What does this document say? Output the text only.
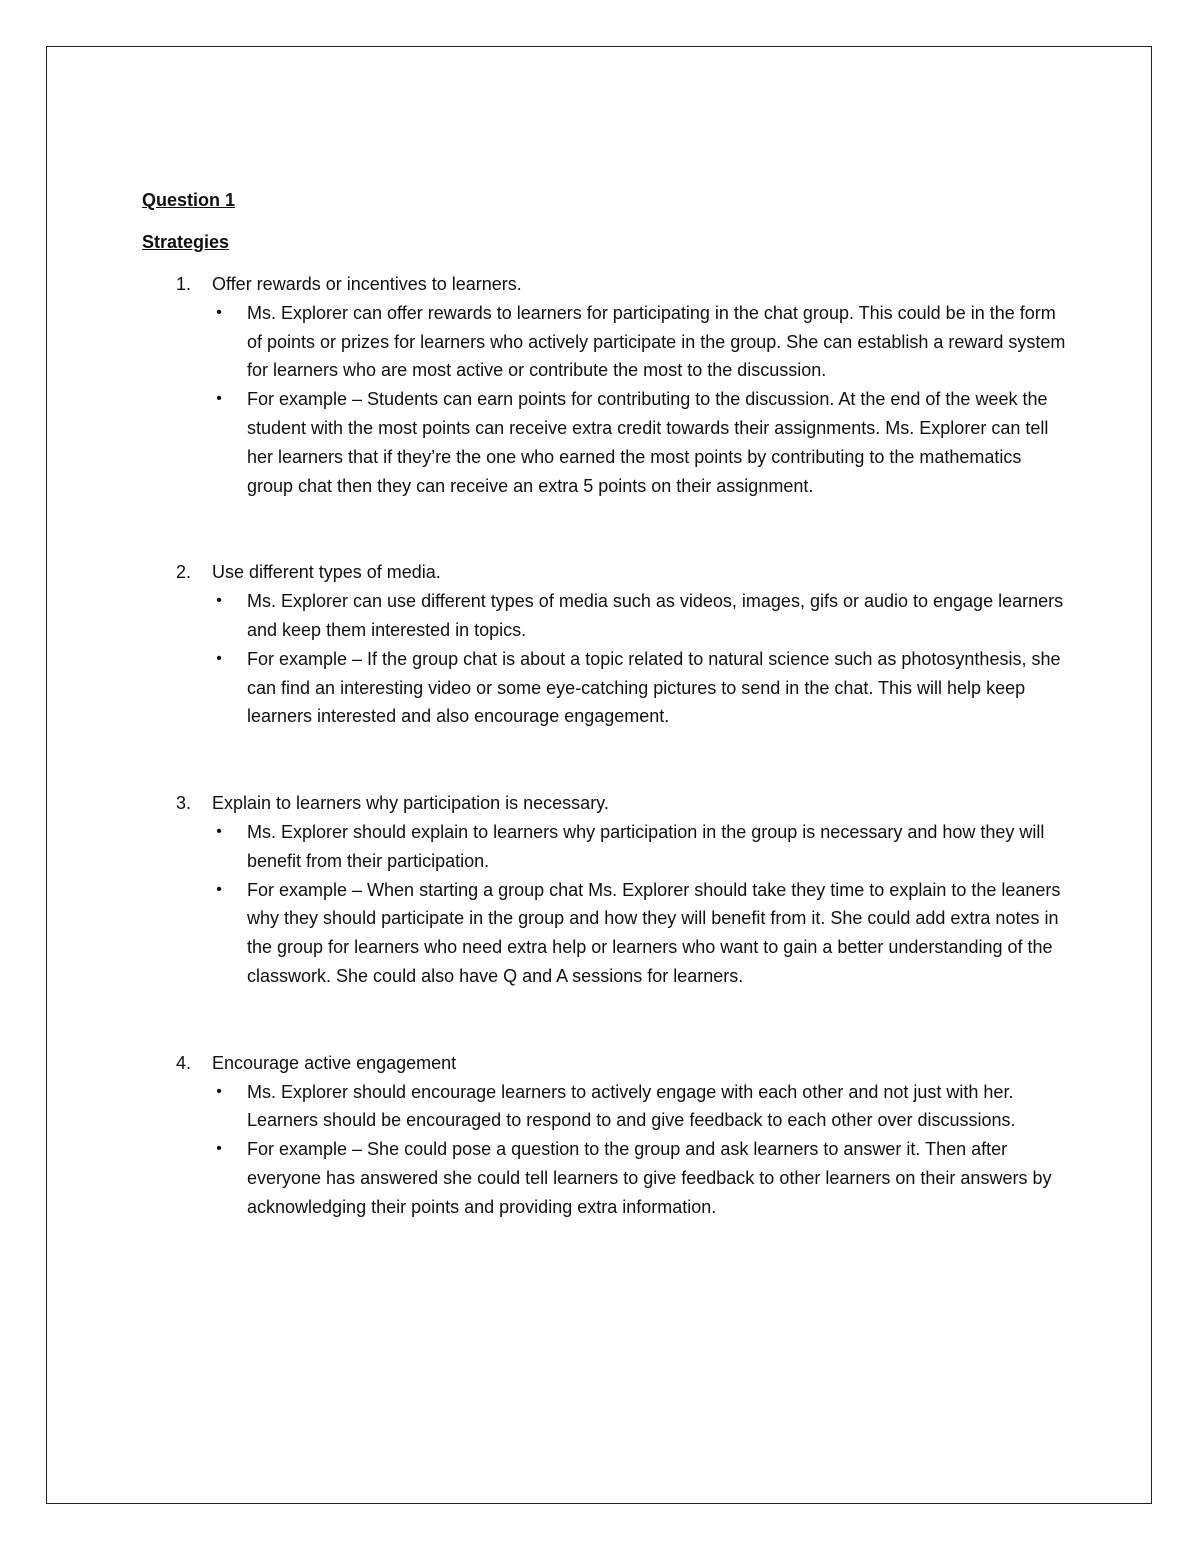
Question 1

Strategies

1.	Offer rewards or incentives to learners.
• Ms. Explorer can offer rewards to learners for participating in the chat group. This could be in the form of points or prizes for learners who actively participate in the group. She can establish a reward system for learners who are most active or contribute the most to the discussion.
• For example – Students can earn points for contributing to the discussion. At the end of the week the student with the most points can receive extra credit towards their assignments. Ms. Explorer can tell her learners that if they’re the one who earned the most points by contributing to the mathematics group chat then they can receive an extra 5 points on their assignment.
2.	Use different types of media.
• Ms. Explorer can use different types of media such as videos, images, gifs or audio to engage learners and keep them interested in topics.
• For example – If the group chat is about a topic related to natural science such as photosynthesis, she can find an interesting video or some eye-catching pictures to send in the chat. This will help keep learners interested and also encourage engagement.
3.	Explain to learners why participation is necessary.
• Ms. Explorer should explain to learners why participation in the group is necessary and how they will benefit from their participation.
• For example – When starting a group chat Ms. Explorer should take they time to explain to the leaners why they should participate in the group and how they will benefit from it. She could add extra notes in the group for learners who need extra help or learners who want to gain a better understanding of the classwork. She could also have Q and A sessions for learners.
4.	Encourage active engagement
• Ms. Explorer should encourage learners to actively engage with each other and not just with her. Learners should be encouraged to respond to and give feedback to each other over discussions.
• For example – She could pose a question to the group and ask learners to answer it. Then after everyone has answered she could tell learners to give feedback to other learners on their answers by acknowledging their points and providing extra information.
